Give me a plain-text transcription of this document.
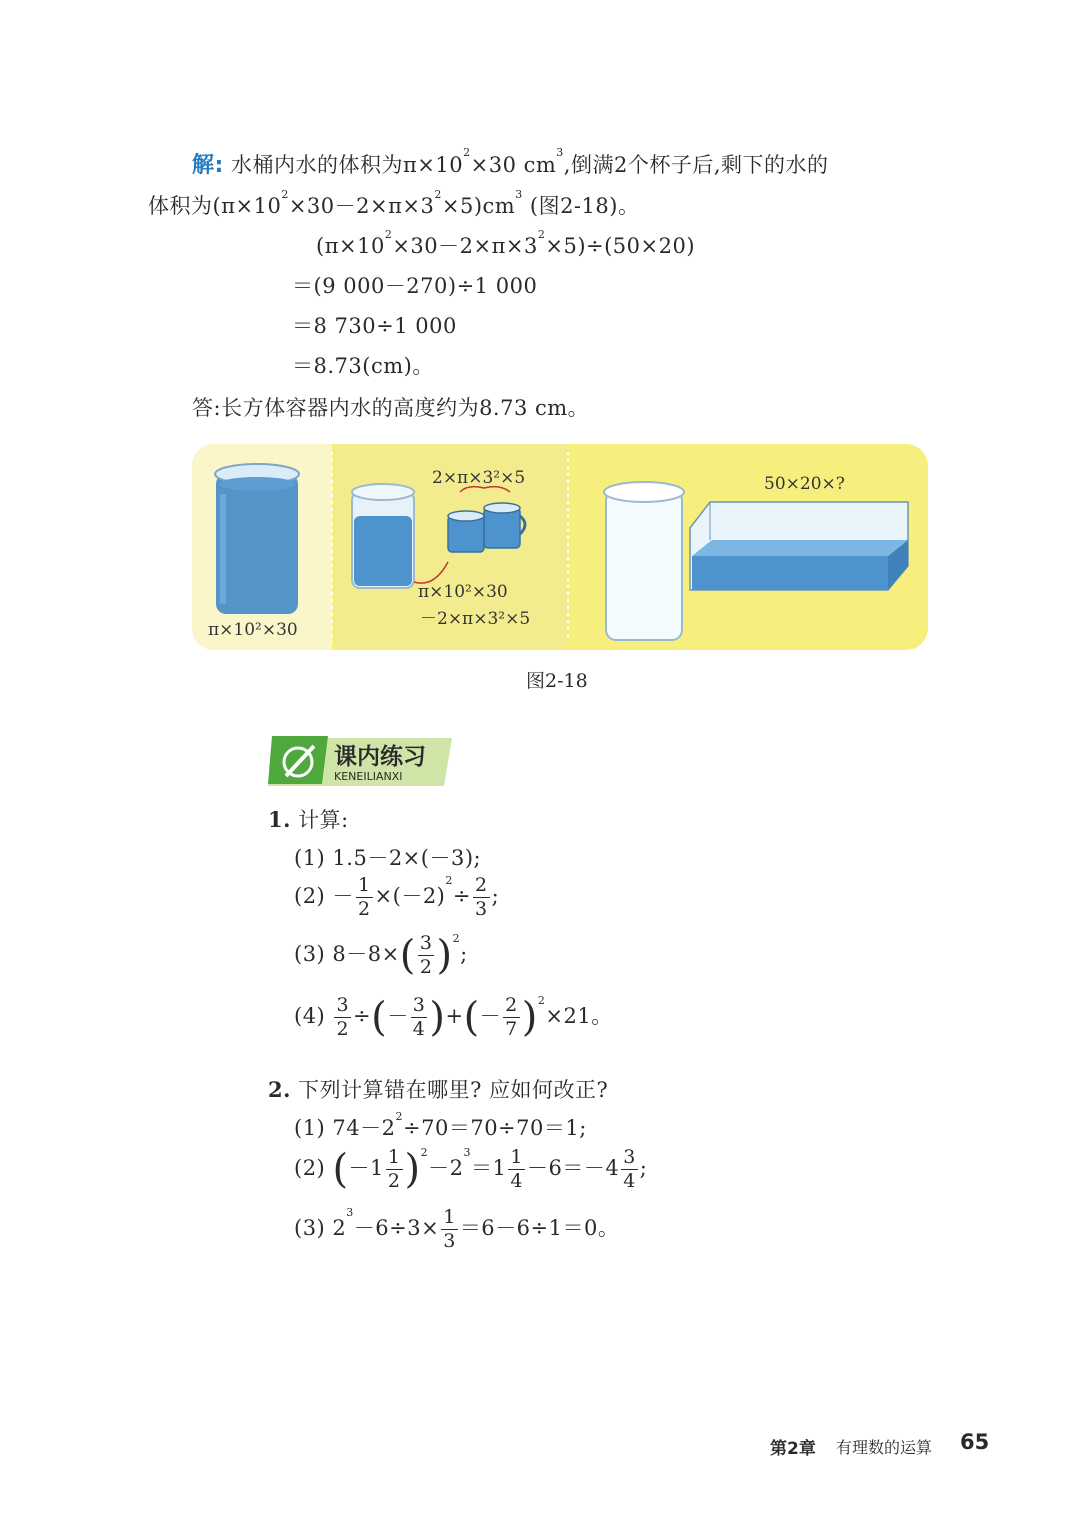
解: 水桶内水的体积为$\pi\times 10^2\times 30$ $cm^3$,倒满2个杯子后,剩下的水的
体积为$(\pi\times 10^2\times 30-2\times\pi\times 3^2\times 5)cm^3$ (图2-18)。
$(\pi\times 10^2\times 30-2\times\pi\times 3^2\times 5)\div(50\times 20)$
＝(9 000－270)÷1 000
＝8 730÷1 000
＝8.73(cm)。
答:长方体容器内水的高度约为8.73 cm。
π×10²×30
2×π×3²×5
π×10²×30
－2×π×3²×5
50×20×?
图2-18
课内练习
KENEILIANXI
1. 计算:
(1) 1.5－2×(－3);
$(2) - \frac{1}{2} \times(-2)^2\div \frac{2}{3}$ ;
(3) $8-8\times( \frac{3}{2} )^2$;
$(4) \frac{3}{2}$ ÷(－ $\frac{3}{4}$ )+(－ $\frac{2}{7} )^2\times 21$。
2. 下列计算错在哪里? 应如何改正?
(1) $74-2^2\div 70=70\div 70=1$;
(2) $(-1 \frac{1}{2} )^2-2^3=1 \frac{1}{4} -6=-4 \frac{3}{4}$ ;
(3) $2^3-6\div 3\times \frac{1}{3} =6-6\div 1=0$。
第2章 有理数的运算 65
